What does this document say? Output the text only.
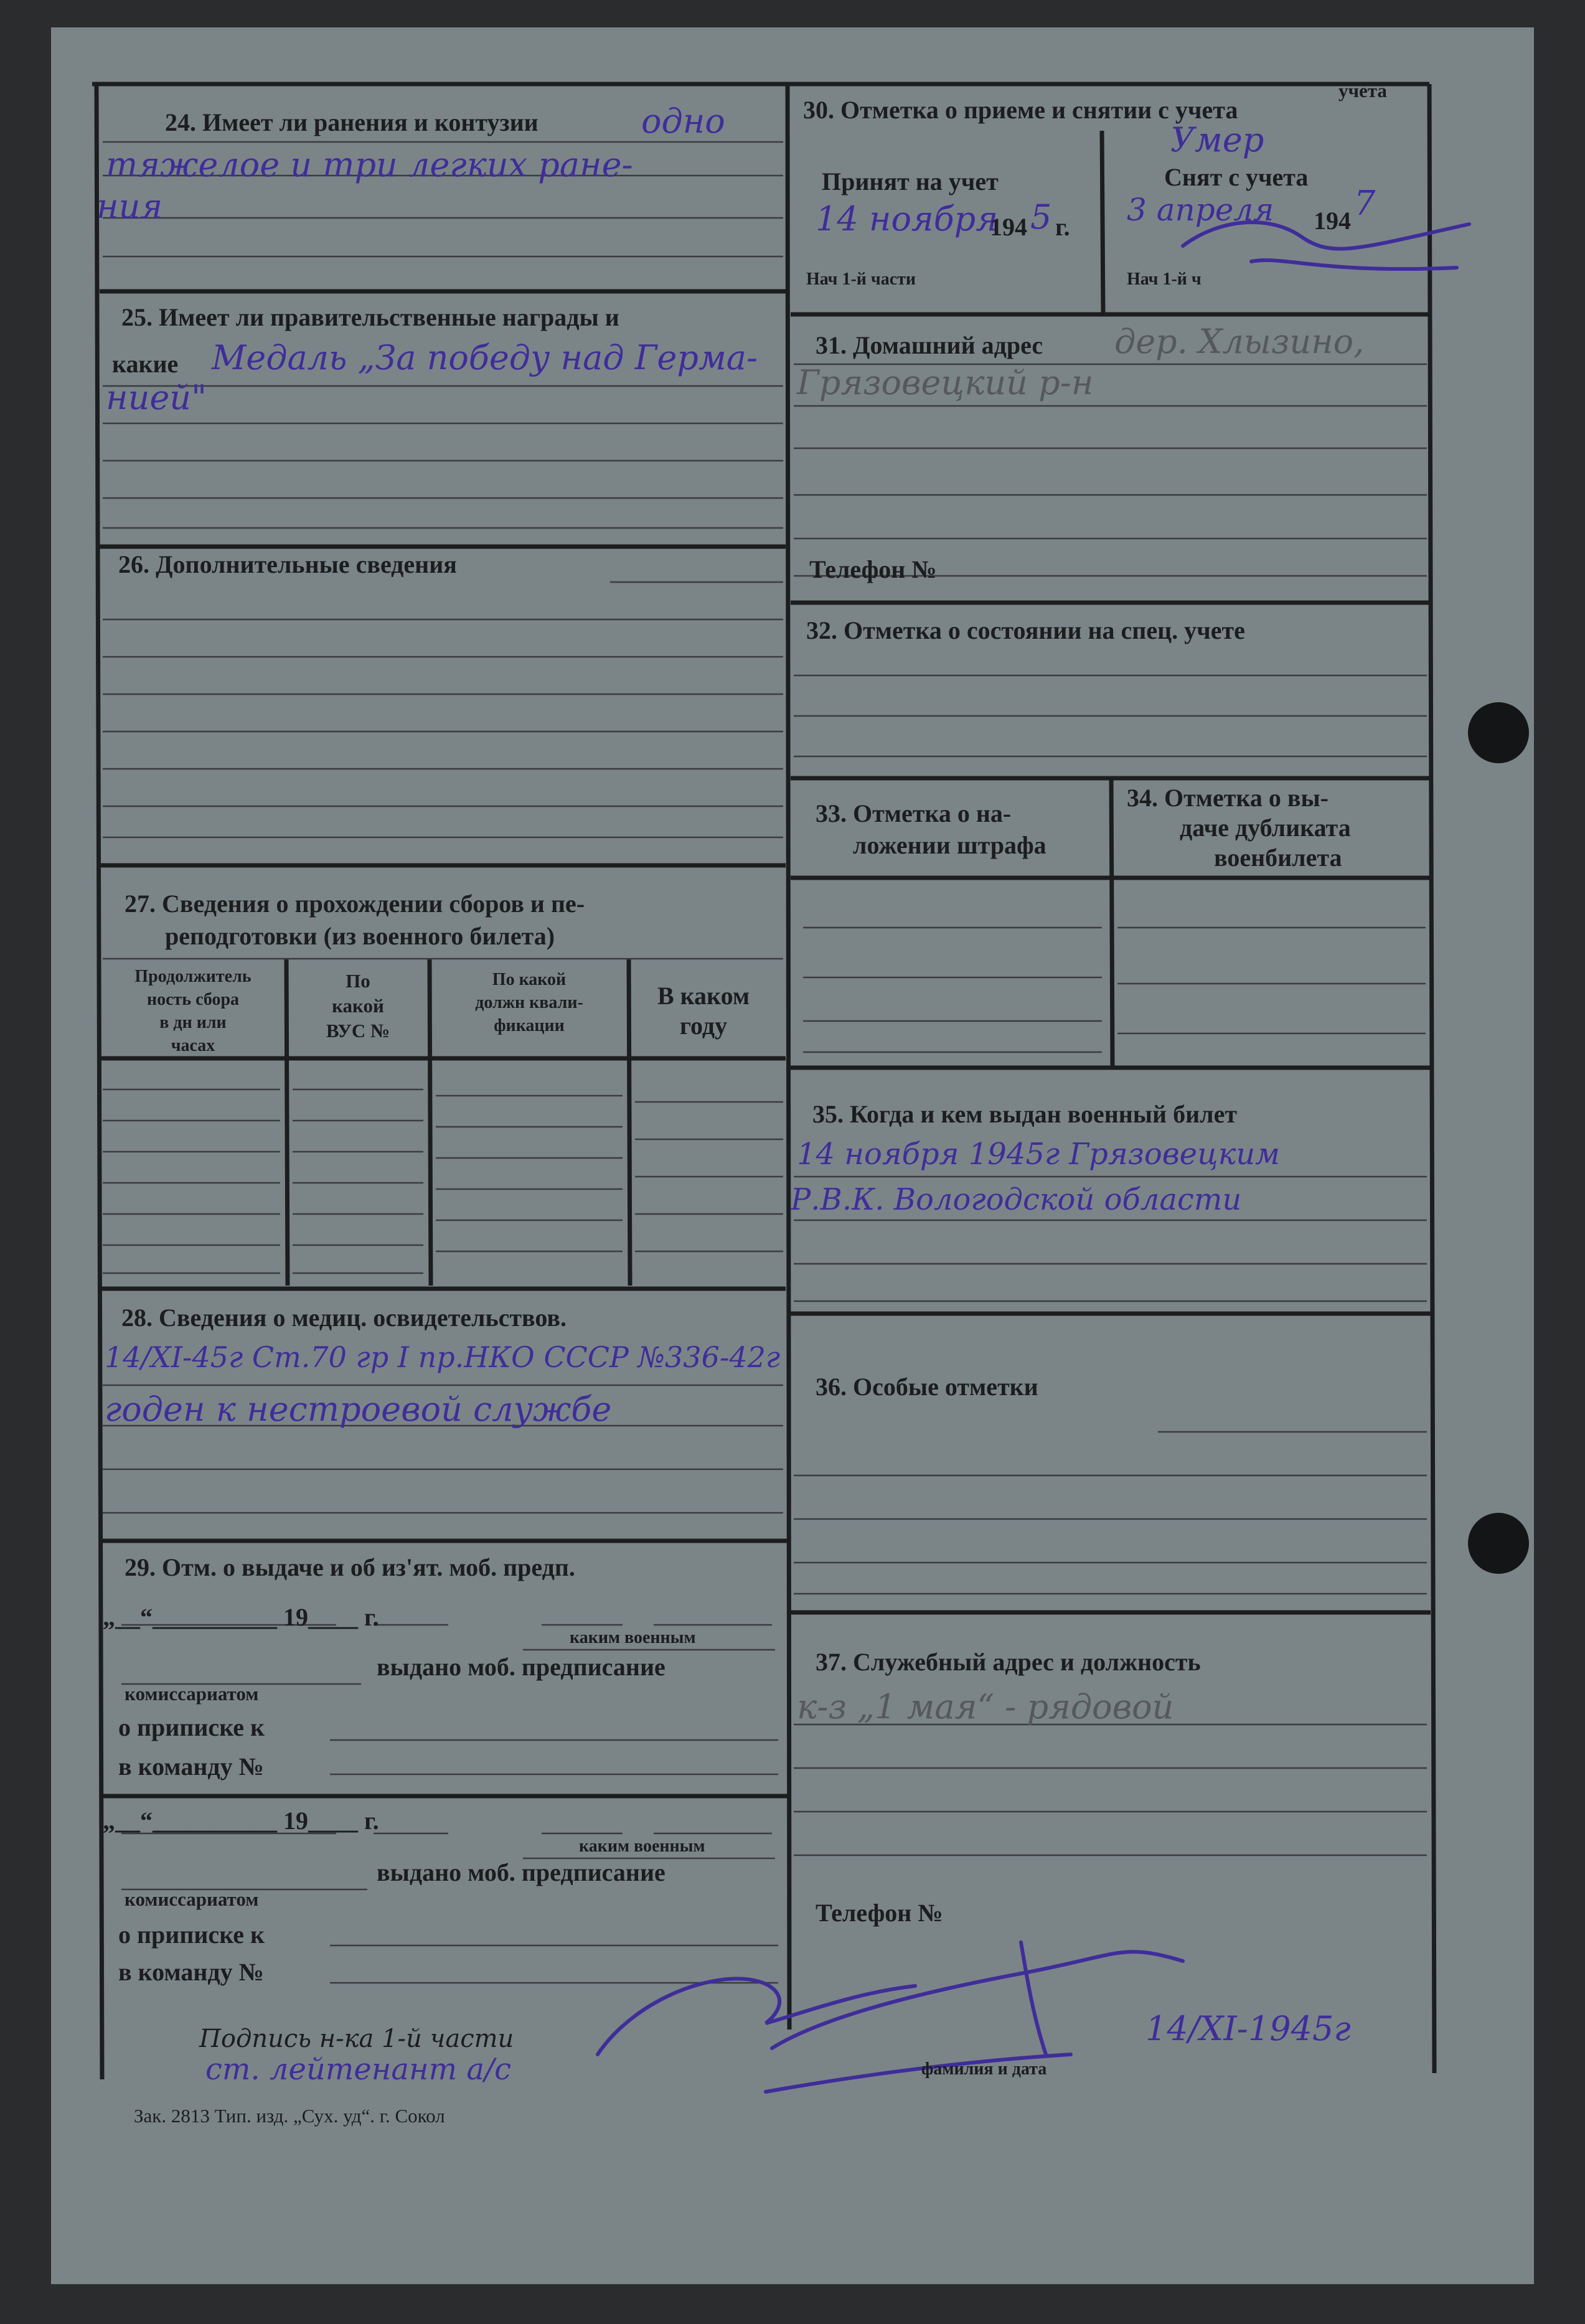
24. Имеет ли ранения и контузии	одно
тяжелое и три легких ране-
ния
25. Имеет ли правительственные награды и
какие Медаль „За победу над Герма-
нией"
26. Дополнительные сведения
27. Сведения о прохождении сборов и пе-
реподготовки (из военного билета)
Продолжитель
ность сбора
в дн или
часах
По
какой
ВУС №
По какой
должн квали-
фикации
В каком
году
28. Сведения о медиц. освидетельствов.
14/XI-45г Ст.70 гр I пр.НКО СССР №336-42г
годен к нестроевой службе
29. Отм. о выдаче и об из'ят. моб. предп.
„__“__________ 19____ г.
каким военным
выдано моб. предписание
комиссариатом
о приписке к
в команду №
„__“__________ 19____ г.
каким военным
выдано моб. предписание
комиссариатом
о приписке к
в команду №
30. Отметка о приеме и снятии с учета
учета
Принят на учет
14 ноября
194 5 г.
Нач 1-й части
Умер
Снят с учета
3 апреля 194 7
Нач 1-й ч
31. Домашний адрес дер. Хлызино,
Грязовецкий р-н
Телефон №
32. Отметка о состоянии на спец. учете
33. Отметка о на-
ложении штрафа
34. Отметка о вы-
даче дубликата
военбилета
35. Когда и кем выдан военный билет
14 ноября 1945г Грязовецким
Р.В.К. Вологодской области
36. Особые отметки
37. Служебный адрес и должность
к-з „1 мая“ - рядовой
Телефон №
Подпись н-ка 1-й части
ст. лейтенант а/с	фамилия и дата
14/XI-1945г
Зак. 2813 Тип. изд. „Сух. уд“. г. Сокол
